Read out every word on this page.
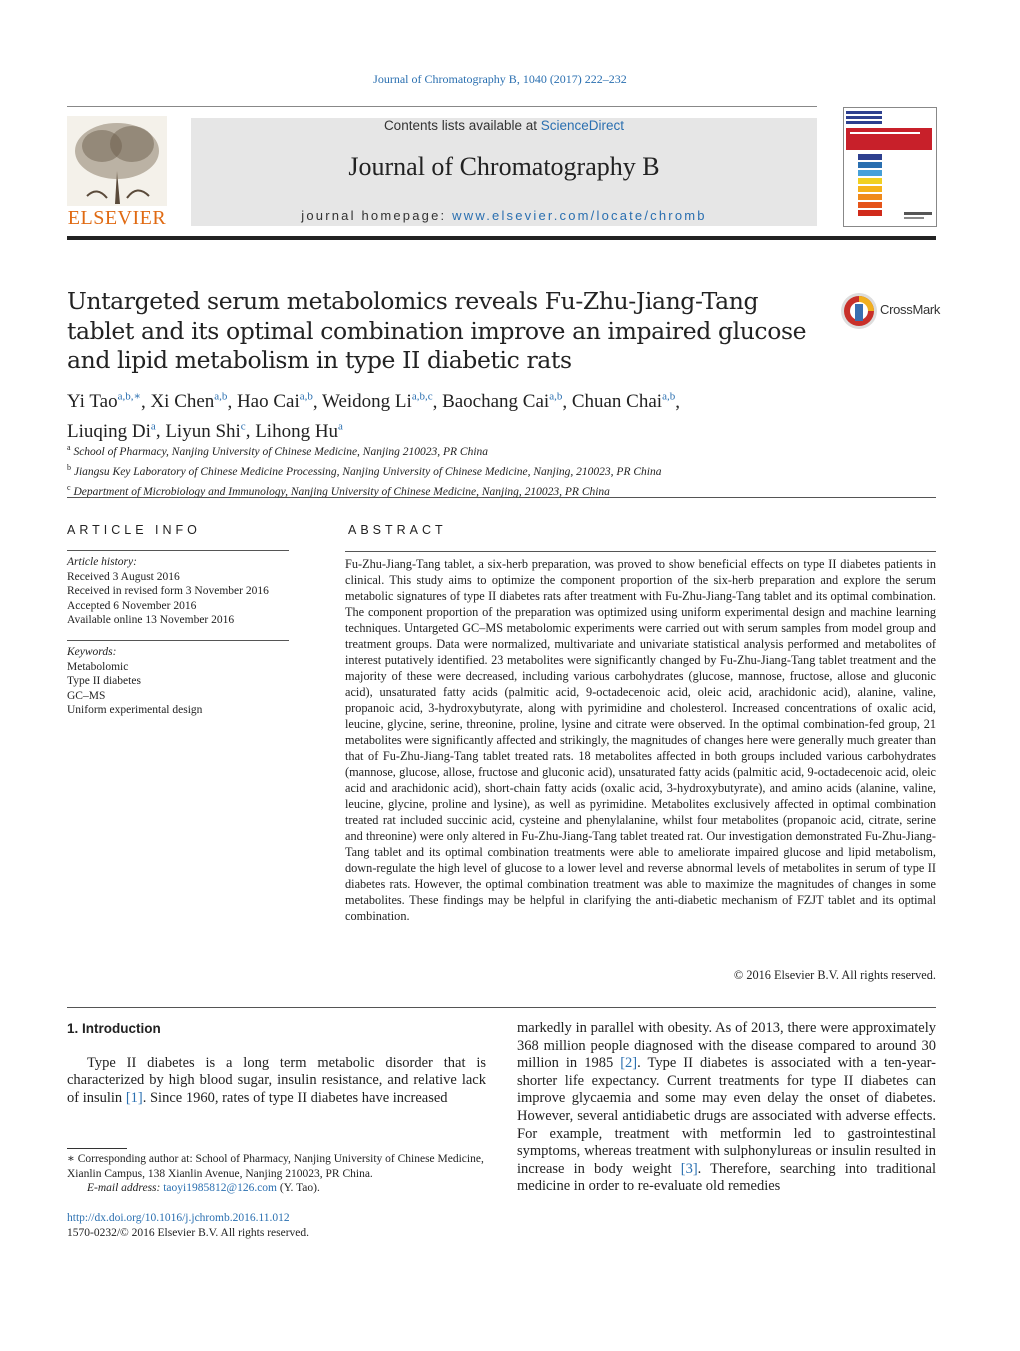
Journal of Chromatography B, 1040 (2017) 222–232
ELSEVIER
Contents lists available at ScienceDirect
Journal of Chromatography B
journal homepage: www.elsevier.com/locate/chromb
Untargeted serum metabolomics reveals Fu-Zhu-Jiang-Tang tablet and its optimal combination improve an impaired glucose and lipid metabolism in type II diabetic rats
CrossMark
Yi Tao$^{a,b,∗}$, Xi Chen$^{a,b}$, Hao Cai$^{a,b}$, Weidong Li$^{a,b,c}$, Baochang Cai$^{a,b}$, Chuan Chai$^{a,b}$,
Liuqing Di$^a$, Liyun Shi$^c$, Lihong Hu$^a$
$^a$ School of Pharmacy, Nanjing University of Chinese Medicine, Nanjing 210023, PR China
$^b$ Jiangsu Key Laboratory of Chinese Medicine Processing, Nanjing University of Chinese Medicine, Nanjing, 210023, PR China
$^c$ Department of Microbiology and Immunology, Nanjing University of Chinese Medicine, Nanjing, 210023, PR China
ARTICLE INFO
Article history:
Received 3 August 2016
Received in revised form 3 November 2016
Accepted 6 November 2016
Available online 13 November 2016
Keywords:
Metabolomic
Type II diabetes
GC–MS
Uniform experimental design
ABSTRACT
Fu-Zhu-Jiang-Tang tablet, a six-herb preparation, was proved to show beneficial effects on type II diabetes patients in clinical. This study aims to optimize the component proportion of the six-herb preparation and explore the serum metabolic signatures of type II diabetes rats after treatment with Fu-Zhu-Jiang-Tang tablet and its optimal combination. The component proportion of the preparation was optimized using uniform experimental design and machine learning techniques. Untargeted GC–MS metabolomic experiments were carried out with serum samples from model group and treatment groups. Data were normalized, multivariate and univariate statistical analysis performed and metabolites of interest putatively identified. 23 metabolites were significantly changed by Fu-Zhu-Jiang-Tang tablet treatment and the majority of these were decreased, including various carbohydrates (glucose, mannose, fructose, allose and gluconic acid), unsaturated fatty acids (palmitic acid, 9-octadecenoic acid, oleic acid, arachidonic acid), alanine, valine, propanoic acid, 3-hydroxybutyrate, along with pyrimidine and cholesterol. Increased concentrations of oxalic acid, leucine, glycine, serine, threonine, proline, lysine and citrate were observed. In the optimal combination-fed group, 21 metabolites were significantly affected and strikingly, the magnitudes of changes here were generally much greater than that of Fu-Zhu-Jiang-Tang tablet treated rats. 18 metabolites affected in both groups included various carbohydrates (mannose, glucose, allose, fructose and gluconic acid), unsaturated fatty acids (palmitic acid, 9-octadecenoic acid, oleic acid and arachidonic acid), short-chain fatty acids (oxalic acid, 3-hydroxybutyrate), and amino acids (alanine, valine, leucine, glycine, proline and lysine), as well as pyrimidine. Metabolites exclusively affected in optimal combination treated rat included succinic acid, cysteine and phenylalanine, whilst four metabolites (propanoic acid, citrate, serine and threonine) were only altered in Fu-Zhu-Jiang-Tang tablet treated rat. Our investigation demonstrated Fu-Zhu-Jiang-Tang tablet and its optimal combination treatments were able to ameliorate impaired glucose and lipid metabolism, down-regulate the high level of glucose to a lower level and reverse abnormal levels of metabolites in serum of type II diabetes rats. However, the optimal combination treatment was able to maximize the magnitudes of changes in some metabolites. These findings may be helpful in clarifying the anti-diabetic mechanism of FZJT tablet and its optimal combination.
© 2016 Elsevier B.V. All rights reserved.
1. Introduction
Type II diabetes is a long term metabolic disorder that is characterized by high blood sugar, insulin resistance, and relative lack of insulin [1]. Since 1960, rates of type II diabetes have increased
markedly in parallel with obesity. As of 2013, there were approximately 368 million people diagnosed with the disease compared to around 30 million in 1985 [2]. Type II diabetes is associated with a ten-year-shorter life expectancy. Current treatments for type II diabetes can improve glycaemia and some may even delay the onset of diabetes. However, several antidiabetic drugs are associated with adverse effects. For example, treatment with metformin led to gastrointestinal symptoms, whereas treatment with sulphonylureas or insulin resulted in increase in body weight [3]. Therefore, searching into traditional medicine in order to re-evaluate old remedies
∗ Corresponding author at: School of Pharmacy, Nanjing University of Chinese Medicine, Xianlin Campus, 138 Xianlin Avenue, Nanjing 210023, PR China.
E-mail address: taoyi1985812@126.com (Y. Tao).
http://dx.doi.org/10.1016/j.jchromb.2016.11.012
1570-0232/© 2016 Elsevier B.V. All rights reserved.
